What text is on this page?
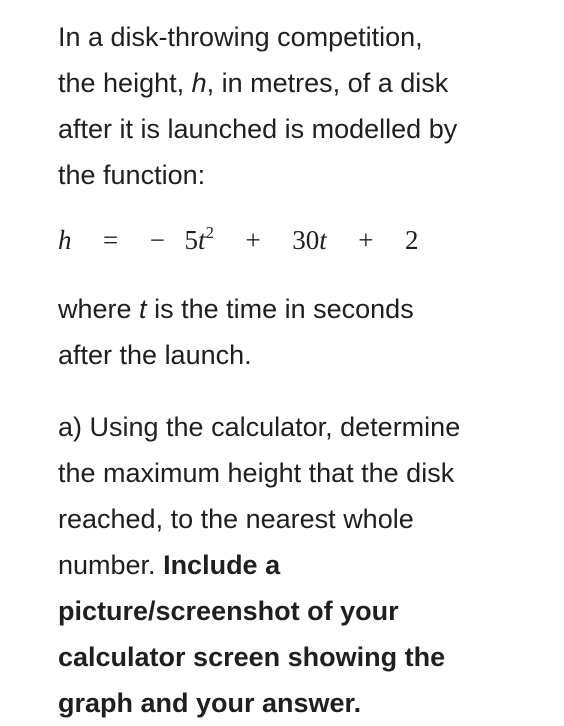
In a disk-throwing competition,
the height, h, in metres, of a disk
after it is launched is modelled by
the function:

h = − $5t^2 + 30t + 2$

where t is the time in seconds
after the launch.

a) Using the calculator, determine
the maximum height that the disk
reached, to the nearest whole
number. Include a
picture/screenshot of your
calculator screen showing the
graph and your answer.
